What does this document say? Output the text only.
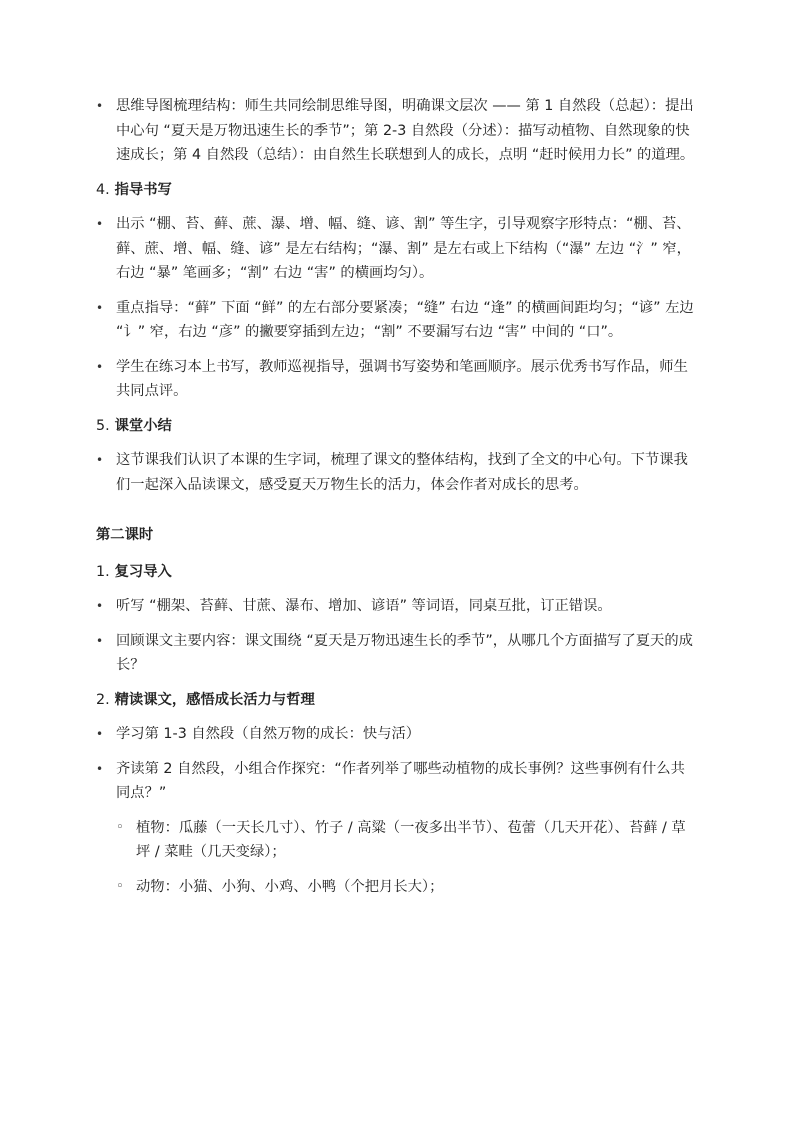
• 思维导图梳理结构：师生共同绘制思维导图，明确课文层次 —— 第 1 自然段（总起）：提出中心句 “夏天是万物迅速生长的季节”；第 2-3 自然段（分述）：描写动植物、自然现象的快速成长；第 4 自然段（总结）：由自然生长联想到人的成长，点明 “赶时候用力长” 的道理。
4. 指导书写
• 出示 “棚、苔、藓、蔗、瀑、增、幅、缝、谚、割” 等生字，引导观察字形特点：“棚、苔、藓、蔗、增、幅、缝、谚” 是左右结构；“瀑、割” 是左右或上下结构（“瀑” 左边 “氵” 窄，右边 “暴” 笔画多；“割” 右边 “害” 的横画均匀）。
• 重点指导：“藓” 下面 “鲜” 的左右部分要紧凑；“缝” 右边 “逢” 的横画间距均匀；“谚” 左边 “讠” 窄，右边 “彦” 的撇要穿插到左边；“割” 不要漏写右边 “害” 中间的 “口”。
• 学生在练习本上书写，教师巡视指导，强调书写姿势和笔画顺序。展示优秀书写作品，师生共同点评。
5. 课堂小结
• 这节课我们认识了本课的生字词，梳理了课文的整体结构，找到了全文的中心句。下节课我们一起深入品读课文，感受夏天万物生长的活力，体会作者对成长的思考。
第二课时
1. 复习导入
• 听写 “棚架、苔藓、甘蔗、瀑布、增加、谚语” 等词语，同桌互批，订正错误。
• 回顾课文主要内容：课文围绕 “夏天是万物迅速生长的季节”，从哪几个方面描写了夏天的成长？
2. 精读课文，感悟成长活力与哲理
• 学习第 1-3 自然段（自然万物的成长：快与活）
• 齐读第 2 自然段，小组合作探究：“作者列举了哪些动植物的成长事例？这些事例有什么共同点？”
◦ 植物：瓜藤（一天长几寸）、竹子 / 高粱（一夜多出半节）、苞蕾（几天开花）、苔藓 / 草坪 / 菜畦（几天变绿）；
◦ 动物：小猫、小狗、小鸡、小鸭（个把月长大）；
